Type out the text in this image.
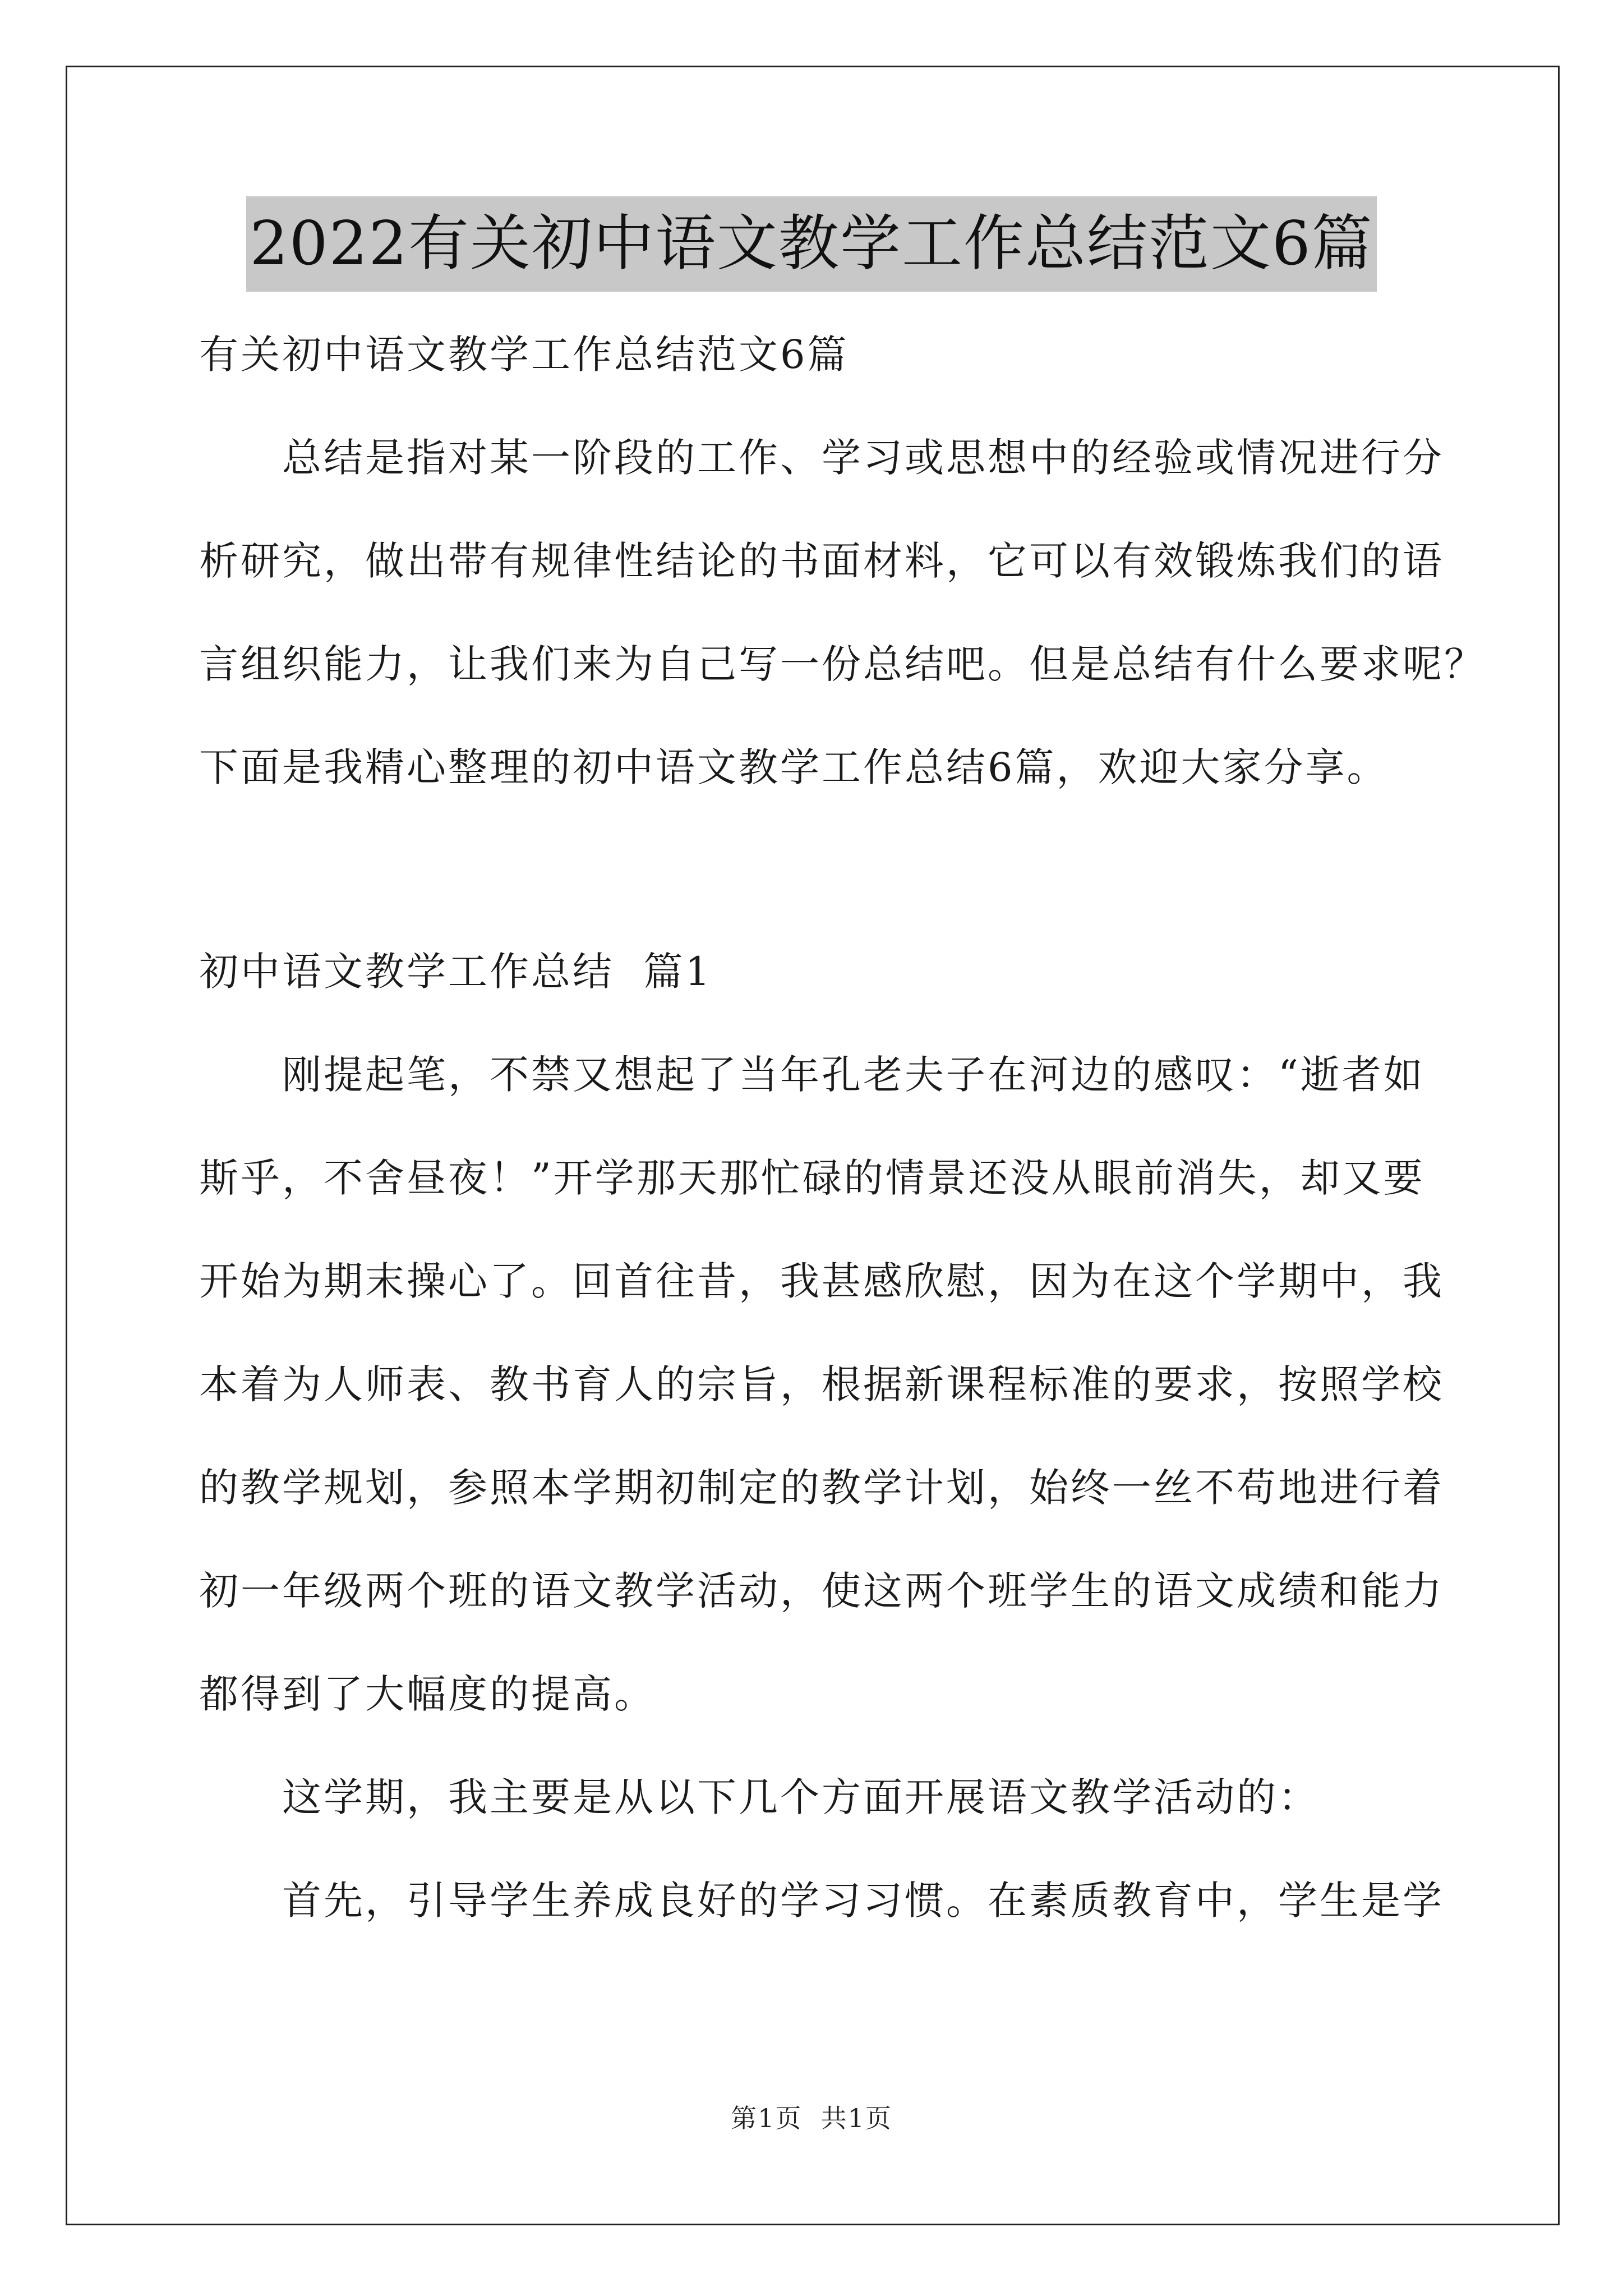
2022有关初中语文教学工作总结范文6篇
有关初中语文教学工作总结范文6篇
总结是指对某一阶段的工作、学习或思想中的经验或情况进行分
析研究，做出带有规律性结论的书面材料，它可以有效锻炼我们的语
言组织能力，让我们来为自己写一份总结吧。但是总结有什么要求呢？
下面是我精心整理的初中语文教学工作总结6篇，欢迎大家分享。
初中语文教学工作总结  篇1
刚提起笔，不禁又想起了当年孔老夫子在河边的感叹：“逝者如
斯乎，不舍昼夜！”开学那天那忙碌的情景还没从眼前消失，却又要
开始为期末操心了。回首往昔，我甚感欣慰，因为在这个学期中，我
本着为人师表、教书育人的宗旨，根据新课程标准的要求，按照学校
的教学规划，参照本学期初制定的教学计划，始终一丝不苟地进行着
初一年级两个班的语文教学活动，使这两个班学生的语文成绩和能力
都得到了大幅度的提高。
这学期，我主要是从以下几个方面开展语文教学活动的：
首先，引导学生养成良好的学习习惯。在素质教育中，学生是学
第1页  共1页
